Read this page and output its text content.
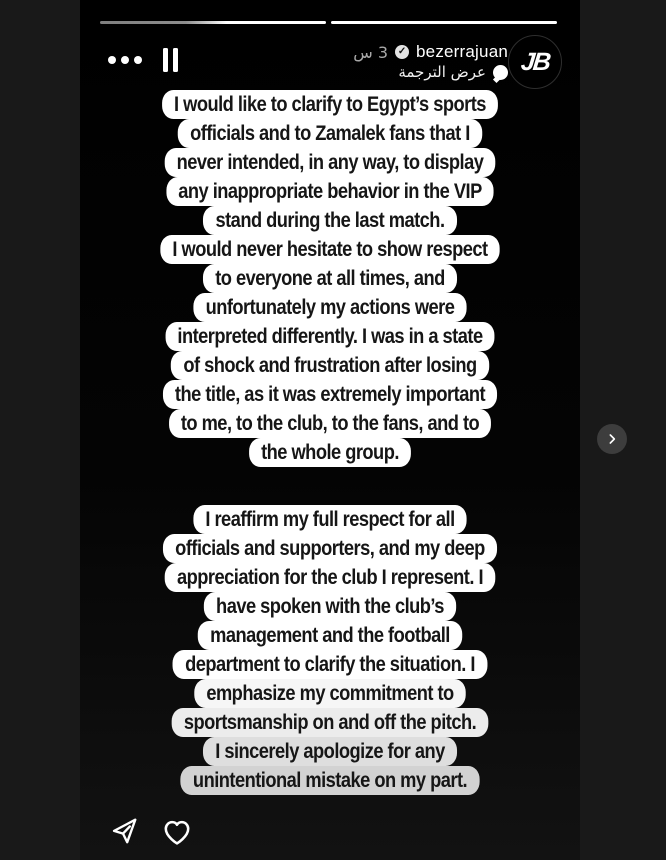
3 س ✓ bezerrajuan
عرض الترجمة JB
I would like to clarify to Egypt’s sports
officials and to Zamalek fans that I
never intended, in any way, to display
any inappropriate behavior in the VIP
stand during the last match.
I would never hesitate to show respect
to everyone at all times, and
unfortunately my actions were
interpreted differently. I was in a state
of shock and frustration after losing
the title, as it was extremely important
to me, to the club, to the fans, and to
the whole group.
I reaffirm my full respect for all
officials and supporters, and my deep
appreciation for the club I represent. I
have spoken with the club’s
management and the football
department to clarify the situation. I
emphasize my commitment to
sportsmanship on and off the pitch.
I sincerely apologize for any
unintentional mistake on my part.
